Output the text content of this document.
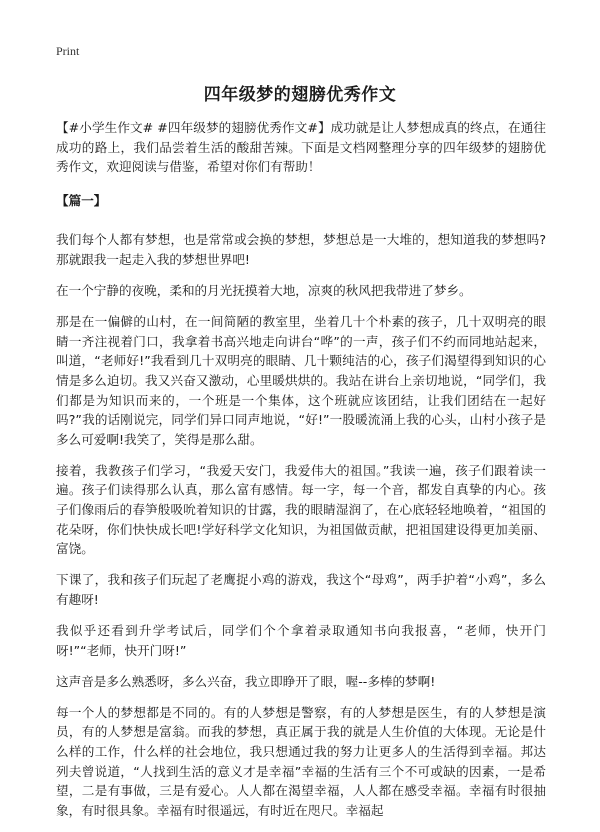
Print
四年级梦的翅膀优秀作文

【#小学生作文# #四年级梦的翅膀优秀作文#】成功就是让人梦想成真的终点，在通往成功的路上，我们品尝着生活的酸甜苦辣。下面是文档网整理分享的四年级梦的翅膀优秀作文，欢迎阅读与借鉴，希望对你们有帮助！

【篇一】

我们每个人都有梦想，也是常常或会换的梦想，梦想总是一大堆的，想知道我的梦想吗?那就跟我一起走入我的梦想世界吧!

在一个宁静的夜晚，柔和的月光抚摸着大地，凉爽的秋风把我带进了梦乡。

那是在一偏僻的山村，在一间简陋的教室里，坐着几十个朴素的孩子，几十双明亮的眼睛一齐注视着门口，我拿着书高兴地走向讲台“哗”的一声，孩子们不约而同地站起来，叫道，“老师好!”我看到几十双明亮的眼睛、几十颗纯洁的心，孩子们渴望得到知识的心情是多么迫切。我又兴奋又激动，心里暖烘烘的。我站在讲台上亲切地说，“同学们，我们都是为知识而来的，一个班是一个集体，这个班就应该团结，让我们团结在一起好吗?”我的话刚说完，同学们异口同声地说，“好!”一股暖流涌上我的心头，山村小孩子是多么可爱啊!我笑了，笑得是那么甜。

接着，我教孩子们学习，“我爱天安门，我爱伟大的祖国。”我读一遍，孩子们跟着读一遍。孩子们读得那么认真，那么富有感情。每一字，每一个音，都发自真挚的内心。孩子们像雨后的春笋般吸吮着知识的甘露，我的眼睛湿润了，在心底轻轻地唤着，“祖国的花朵呀，你们快快成长吧!学好科学文化知识，为祖国做贡献，把祖国建设得更加美丽、富饶。

下课了，我和孩子们玩起了老鹰捉小鸡的游戏，我这个“母鸡”，两手护着“小鸡”，多么有趣呀!

我似乎还看到升学考试后，同学们个个拿着录取通知书向我报喜，“老师，快开门呀!”“老师，快开门呀!”

这声音是多么熟悉呀，多么兴奋，我立即睁开了眼，喔--多棒的梦啊!

每一个人的梦想都是不同的。有的人梦想是警察，有的人梦想是医生，有的人梦想是演员，有的人梦想是富翁。而我的梦想，真正属于我的就是人生价值的大体现。无论是什么样的工作，什么样的社会地位，我只想通过我的努力让更多人的生活得到幸福。邦达列夫曾说道，“人找到生活的意义才是幸福”幸福的生活有三个不可或缺的因素，一是希望，二是有事做，三是有爱心。人人都在渴望幸福，人人都在感受幸福。幸福有时很抽象，有时很具象。幸福有时很遥远，有时近在咫尺。幸福起
